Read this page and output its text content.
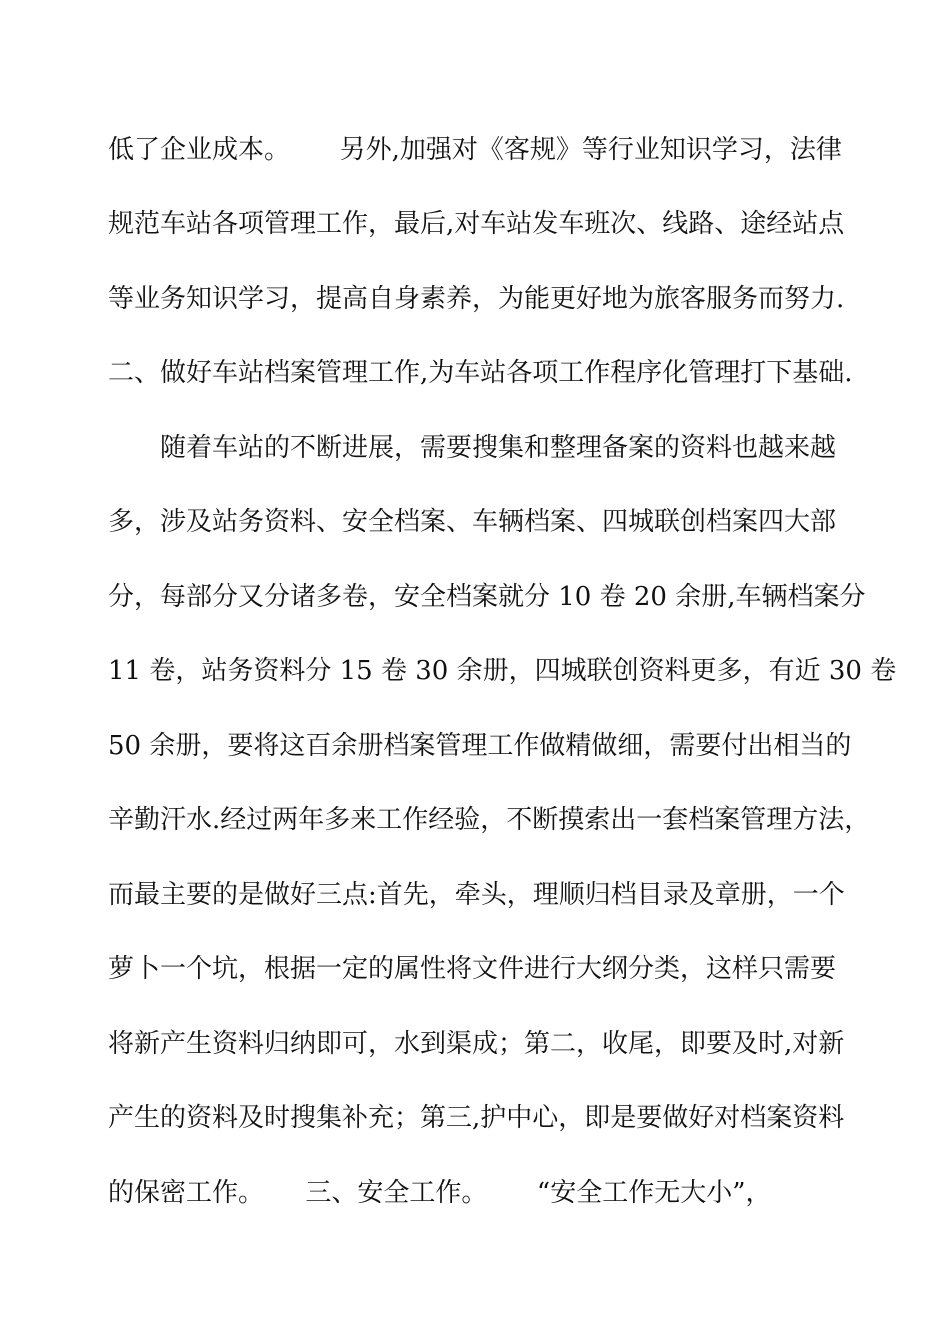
低了企业成本。      另外,加强对《客规》等行业知识学习，法律
规范车站各项管理工作，最后,对车站发车班次、线路、途经站点
等业务知识学习，提高自身素养，为能更好地为旅客服务而努力.
二、做好车站档案管理工作,为车站各项工作程序化管理打下基础.
随着车站的不断进展，需要搜集和整理备案的资料也越来越
多，涉及站务资料、安全档案、车辆档案、四城联创档案四大部
分，每部分又分诸多卷，安全档案就分 10 卷 20 余册,车辆档案分
11 卷，站务资料分 15 卷 30 余册，四城联创资料更多，有近 30 卷
50 余册，要将这百余册档案管理工作做精做细，需要付出相当的
辛勤汗水.经过两年多来工作经验，不断摸索出一套档案管理方法，
而最主要的是做好三点:首先，牵头，理顺归档目录及章册，一个
萝卜一个坑，根据一定的属性将文件进行大纲分类，这样只需要
将新产生资料归纳即可，水到渠成；第二，收尾，即要及时,对新
产生的资料及时搜集补充；第三,护中心，即是要做好对档案资料
的保密工作。     三、安全工作。      “安全工作无大小”，
